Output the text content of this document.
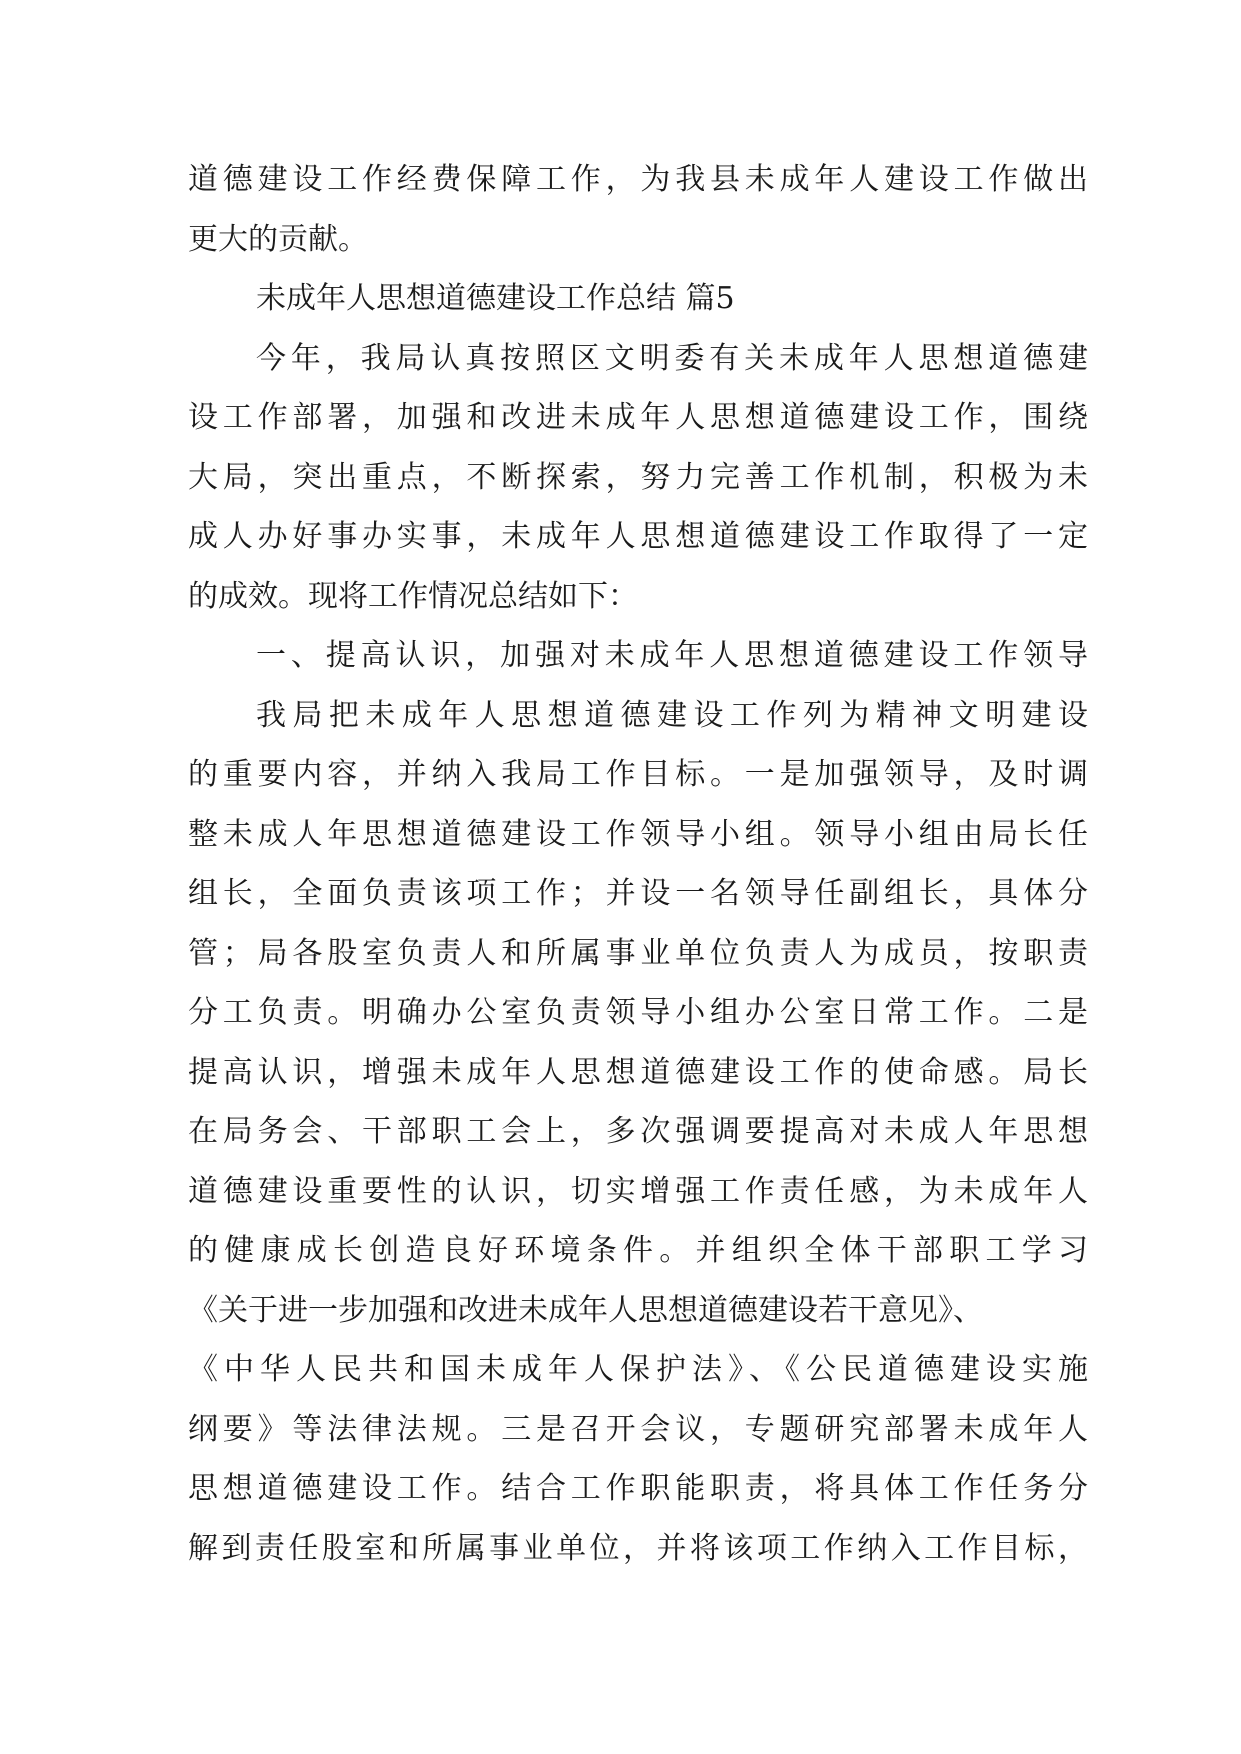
道德建设工作经费保障工作，为我县未成年人建设工作做出
更大的贡献。
未成年人思想道德建设工作总结 篇5
今年，我局认真按照区文明委有关未成年人思想道德建
设工作部署，加强和改进未成年人思想道德建设工作，围绕
大局，突出重点，不断探索，努力完善工作机制，积极为未
成人办好事办实事，未成年人思想道德建设工作取得了一定
的成效。现将工作情况总结如下：
一、提高认识，加强对未成年人思想道德建设工作领导
我局把未成年人思想道德建设工作列为精神文明建设
的重要内容，并纳入我局工作目标。一是加强领导，及时调
整未成人年思想道德建设工作领导小组。领导小组由局长任
组长，全面负责该项工作；并设一名领导任副组长，具体分
管；局各股室负责人和所属事业单位负责人为成员，按职责
分工负责。明确办公室负责领导小组办公室日常工作。二是
提高认识，增强未成年人思想道德建设工作的使命感。局长
在局务会、干部职工会上，多次强调要提高对未成人年思想
道德建设重要性的认识，切实增强工作责任感，为未成年人
的健康成长创造良好环境条件。并组织全体干部职工学习
《关于进一步加强和改进未成年人思想道德建设若干意见》、
《中华人民共和国未成年人保护法》、《公民道德建设实施
纲要》等法律法规。三是召开会议，专题研究部署未成年人
思想道德建设工作。结合工作职能职责，将具体工作任务分
解到责任股室和所属事业单位，并将该项工作纳入工作目标，
